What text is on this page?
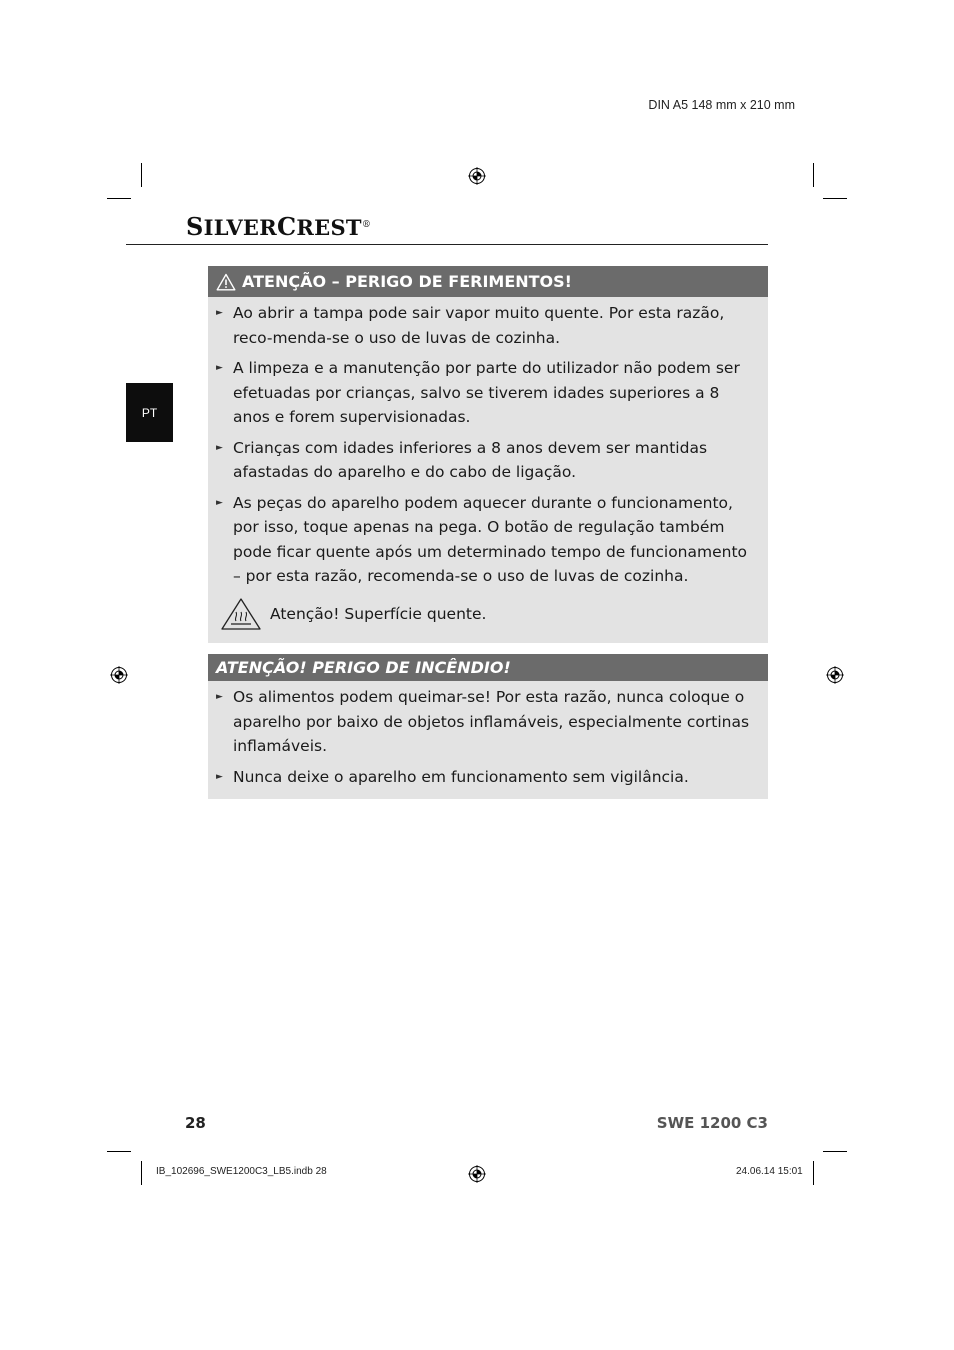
DIN A5 148 mm x 210 mm
SILVERCREST®
PT
ATENÇÃO – PERIGO DE FERIMENTOS!
► Ao abrir a tampa pode sair vapor muito quente. Por esta razão, reco-menda-se o uso de luvas de cozinha.
► A limpeza e a manutenção por parte do utilizador não podem ser efetuadas por crianças, salvo se tiverem idades superiores a 8 anos e forem supervisionadas.
► Crianças com idades inferiores a 8 anos devem ser mantidas afastadas do aparelho e do cabo de ligação.
► As peças do aparelho podem aquecer durante o funcionamento, por isso, toque apenas na pega. O botão de regulação também pode ficar quente após um determinado tempo de funcionamento – por esta razão, recomenda-se o uso de luvas de cozinha.
Atenção! Superfície quente.
ATENÇÃO! PERIGO DE INCÊNDIO!
► Os alimentos podem queimar-se! Por esta razão, nunca coloque o aparelho por baixo de objetos inflamáveis, especialmente cortinas inflamáveis.
► Nunca deixe o aparelho em funcionamento sem vigilância.
28	SWE 1200 C3
IB_102696_SWE1200C3_LB5.indb 28	24.06.14 15:01
